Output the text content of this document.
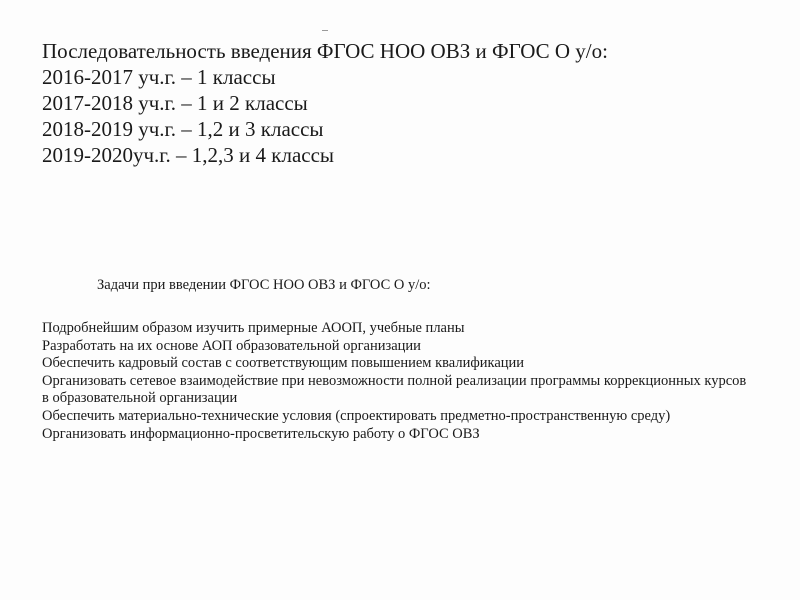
Последовательность введения ФГОС НОО ОВЗ и ФГОС О у/о:
2016-2017 уч.г. – 1 классы
2017-2018 уч.г. – 1 и 2 классы
2018-2019 уч.г. – 1,2 и 3 классы
2019-2020уч.г. – 1,2,3 и 4 классы
Задачи при введении ФГОС НОО ОВЗ и ФГОС О у/о:
Подробнейшим образом изучить примерные АООП, учебные планы
Разработать на их основе АОП образовательной организации
Обеспечить кадровый состав с соответствующим повышением квалификации
Организовать сетевое взаимодействие при невозможности полной реализации программы коррекционных курсов в образовательной организации
Обеспечить материально-технические условия (спроектировать предметно-пространственную среду)
Организовать информационно-просветительскую работу о ФГОС ОВЗ
